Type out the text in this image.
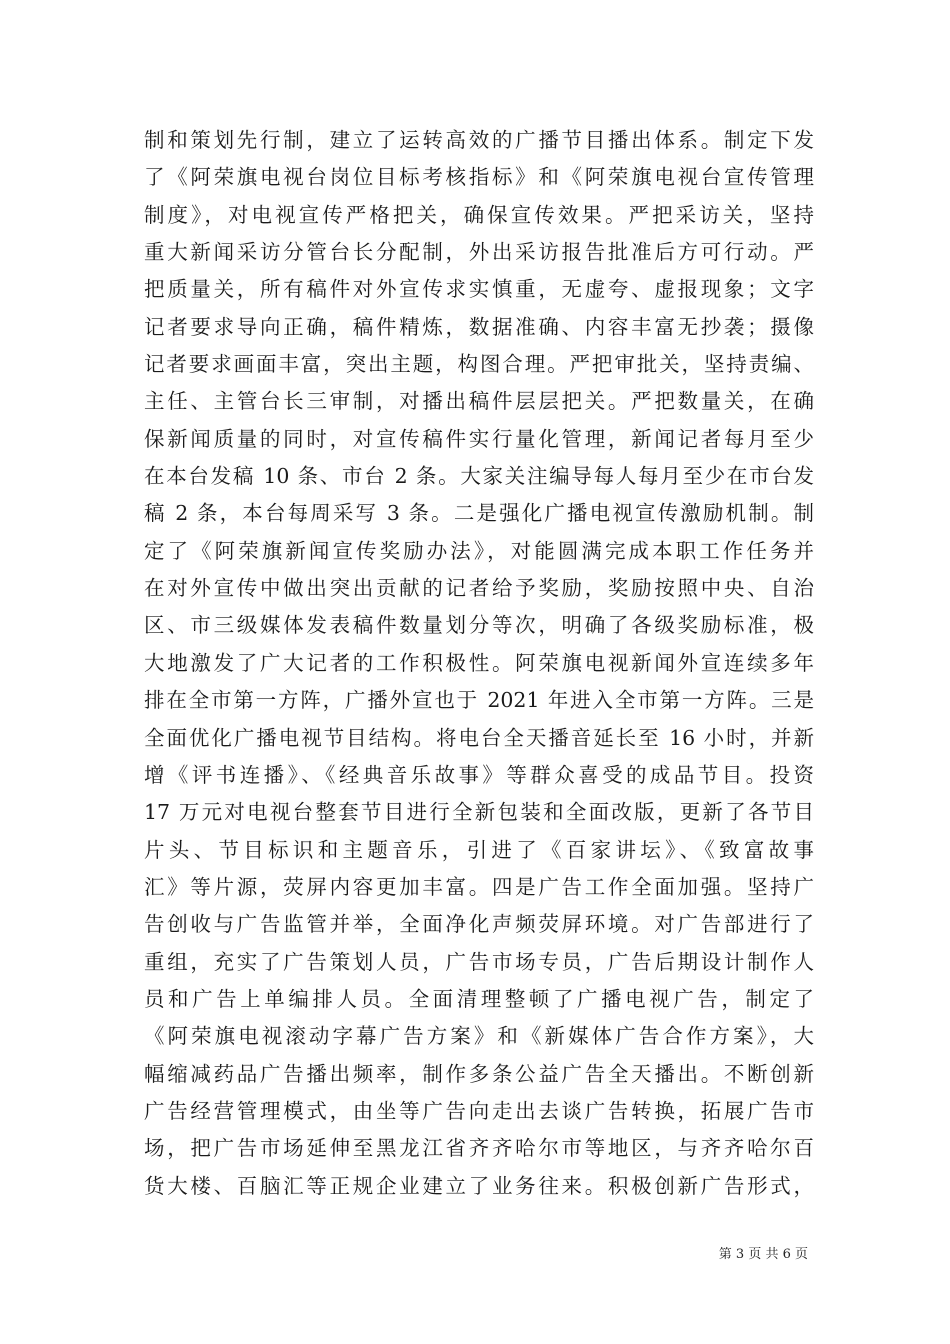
制和策划先行制，建立了运转高效的广播节目播出体系。制定下发
了《阿荣旗电视台岗位目标考核指标》和《阿荣旗电视台宣传管理
制度》，对电视宣传严格把关，确保宣传效果。严把采访关，坚持
重大新闻采访分管台长分配制，外出采访报告批准后方可行动。严
把质量关，所有稿件对外宣传求实慎重，无虚夸、虚报现象；文字
记者要求导向正确，稿件精炼，数据准确、内容丰富无抄袭；摄像
记者要求画面丰富，突出主题，构图合理。严把审批关，坚持责编、
主任、主管台长三审制，对播出稿件层层把关。严把数量关，在确
保新闻质量的同时，对宣传稿件实行量化管理，新闻记者每月至少
在本台发稿 10 条、市台 2 条。大家关注编导每人每月至少在市台发
稿 2 条，本台每周采写 3 条。二是强化广播电视宣传激励机制。制
定了《阿荣旗新闻宣传奖励办法》，对能圆满完成本职工作任务并
在对外宣传中做出突出贡献的记者给予奖励，奖励按照中央、自治
区、市三级媒体发表稿件数量划分等次，明确了各级奖励标准，极
大地激发了广大记者的工作积极性。阿荣旗电视新闻外宣连续多年
排在全市第一方阵，广播外宣也于 2021 年进入全市第一方阵。三是
全面优化广播电视节目结构。将电台全天播音延长至 16 小时，并新
增《评书连播》、《经典音乐故事》等群众喜受的成品节目。投资
17 万元对电视台整套节目进行全新包装和全面改版，更新了各节目
片头、节目标识和主题音乐，引进了《百家讲坛》、《致富故事
汇》等片源，荧屏内容更加丰富。四是广告工作全面加强。坚持广
告创收与广告监管并举，全面净化声频荧屏环境。对广告部进行了
重组，充实了广告策划人员，广告市场专员，广告后期设计制作人
员和广告上单编排人员。全面清理整顿了广播电视广告，制定了
《阿荣旗电视滚动字幕广告方案》和《新媒体广告合作方案》，大
幅缩减药品广告播出频率，制作多条公益广告全天播出。不断创新
广告经营管理模式，由坐等广告向走出去谈广告转换，拓展广告市
场，把广告市场延伸至黑龙江省齐齐哈尔市等地区，与齐齐哈尔百
货大楼、百脑汇等正规企业建立了业务往来。积极创新广告形式，
第 3 页 共 6 页
